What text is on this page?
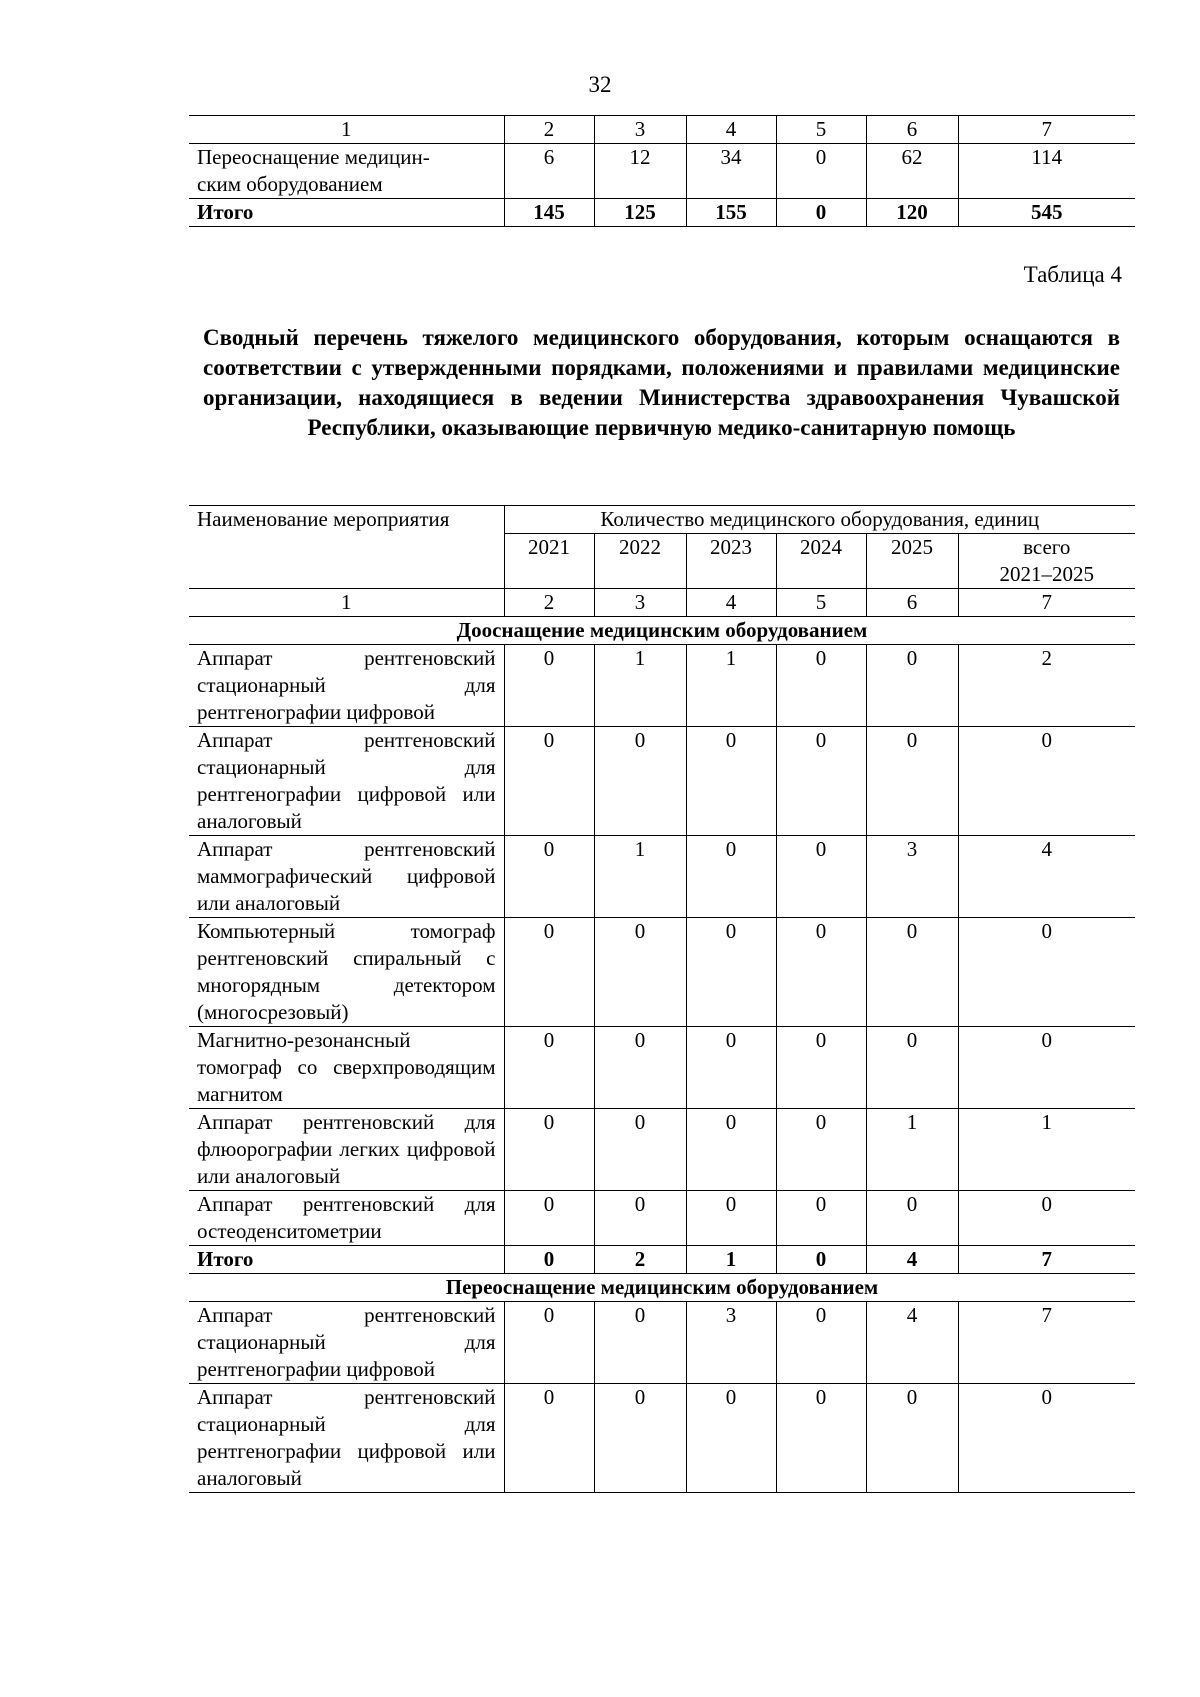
32
1	2	3	4	5	6	7
Переоснащение медицин-
ским оборудованием	6	12	34	0	62	114
Итого	145	125	155	0	120	545
Таблица 4
Сводный перечень тяжелого медицинского оборудования, которым оснащаются в соответствии с утвержденными порядками, положениями и правилами медицинские организации, находящиеся в ведении Министерства здравоохранения Чувашской Республики, оказывающие первичную медико-санитарную помощь
Наименование мероприятия	Количество медицинского оборудования, единиц					
	2021	2022	2023	2024	2025	всего
2021–2025
1	2	3	4	5	6	7
Дооснащение медицинским оборудованием						
Аппарат рентгеновский стационарный для рентгенографии цифровой	0	1	1	0	0	2
Аппарат рентгеновский стационарный для рентгенографии цифровой или аналоговый	0	0	0	0	0	0
Аппарат рентгеновский маммографический цифровой или аналоговый	0	1	0	0	3	4
Компьютерный томограф рентгеновский спиральный с многорядным детектором (многосрезовый)	0	0	0	0	0	0
Магнитно-резонансный томограф со сверхпроводящим магнитом	0	0	0	0	0	0
Аппарат рентгеновский для флюорографии легких цифровой или аналоговый	0	0	0	0	1	1
Аппарат рентгеновский для остеоденситометрии	0	0	0	0	0	0
Итого	0	2	1	0	4	7
Переоснащение медицинским оборудованием						
Аппарат рентгеновский стационарный для рентгенографии цифровой	0	0	3	0	4	7
Аппарат рентгеновский стационарный для рентгенографии цифровой или аналоговый	0	0	0	0	0	0
